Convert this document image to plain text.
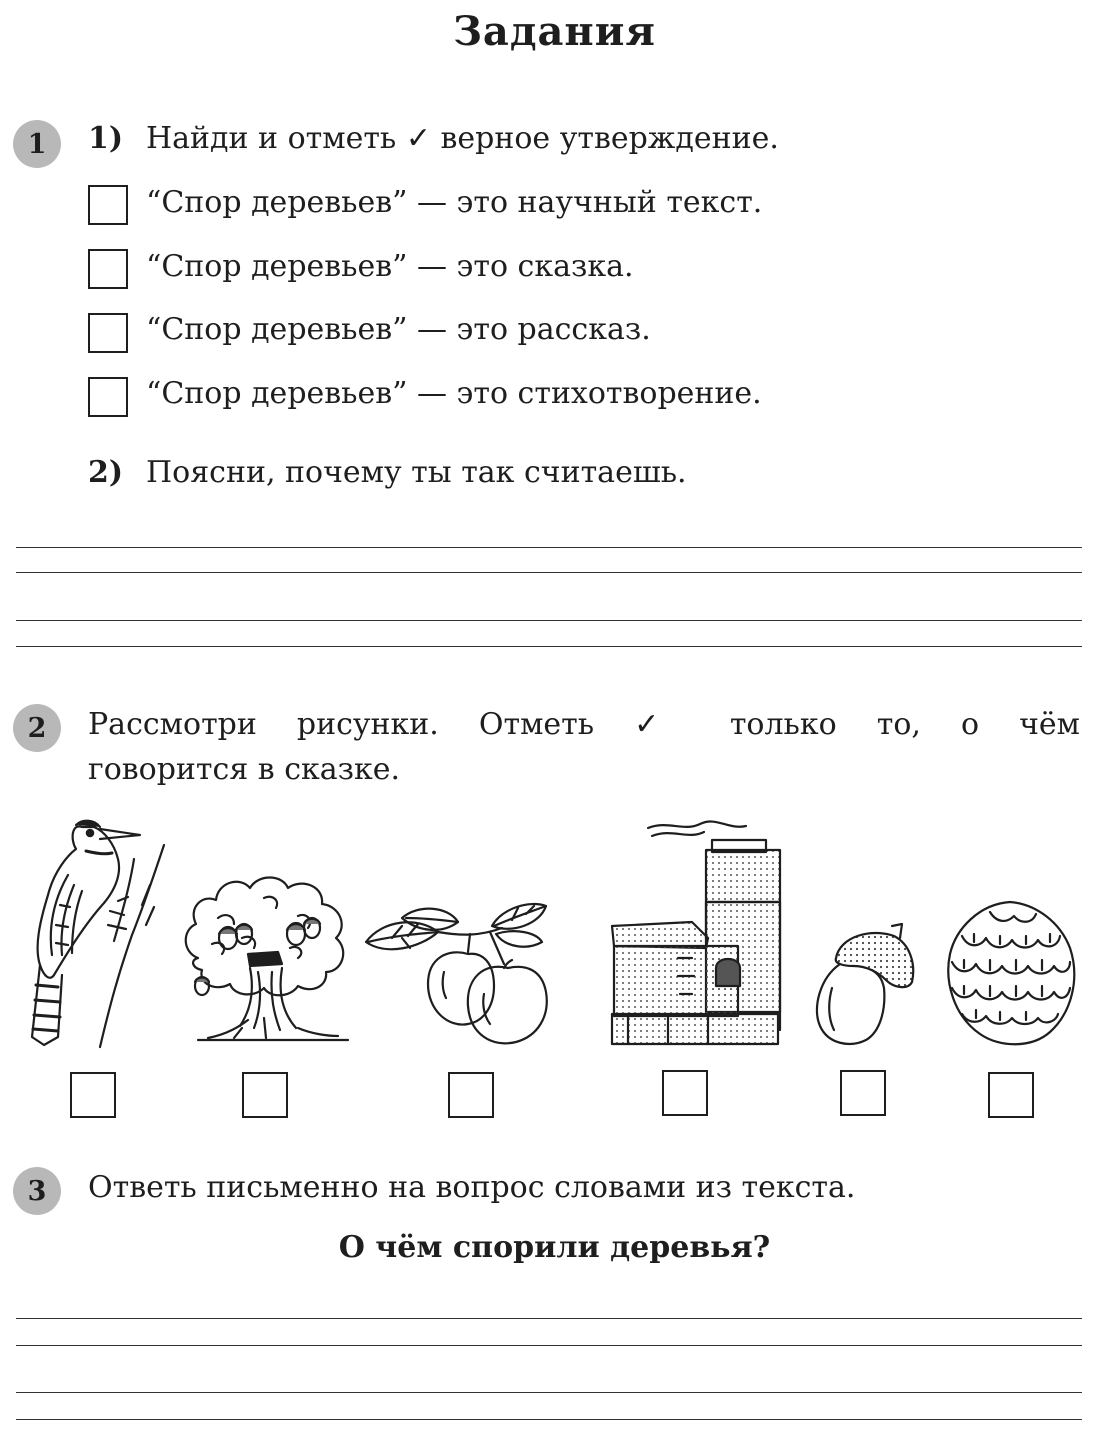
Задания
1 1) Найди и отметь ✓ верное утверждение.
“Спор деревьев” — это научный текст.
“Спор деревьев” — это сказка.
“Спор деревьев” — это рассказ.
“Спор деревьев” — это стихотворение.
2) Поясни, почему ты так считаешь.
2 Рассмотри рисунки. Отметь ✓ только то, о чём
говорится в сказке.
3 Ответь письменно на вопрос словами из текста.
О чём спорили деревья?
